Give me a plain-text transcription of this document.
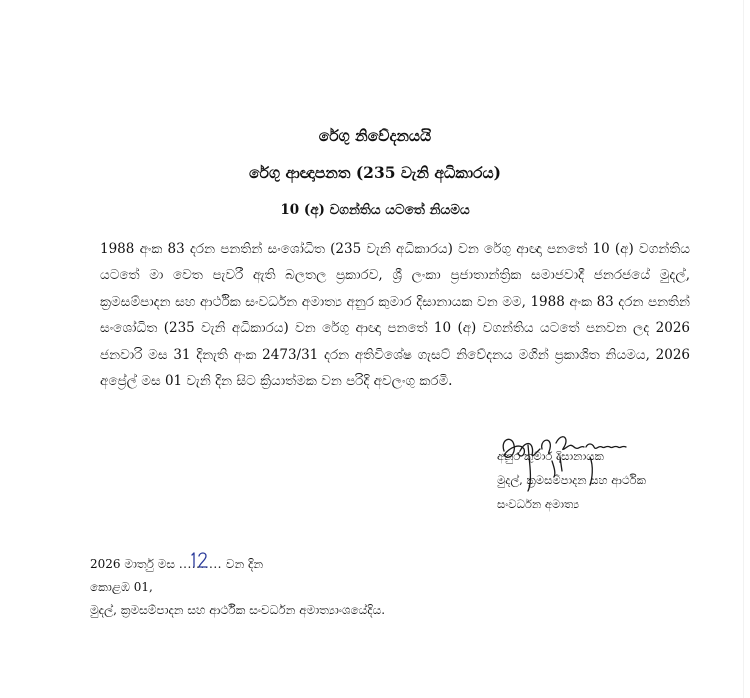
රේගු නිවේදනයයි
රේගු ආඥාපනත (235 වැනි අධිකාරය)
10 (අ) වගන්තිය යටතේ නියමය
1988 අංක 83 දරන පනතින් සංශෝධිත (235 වැනි අධිකාරය) වන රේගු ආඥා පනතේ 10 (අ) වගන්තිය යටතේ මා වෙත පැවරී ඇති බලතල ප්‍රකාරව, ශ්‍රී ලංකා ප්‍රජාතාන්ත්‍රික සමාජවාදී ජනරජයේ මුදල්, ක්‍රමසම්පාදන සහ ආර්ථික සංවර්ධන අමාත්‍ය අනුර කුමාර දිසානායක වන මම, 1988 අංක 83 දරන පනතින් සංශෝධිත (235 වැනි අධිකාරය) වන රේගු ආඥා පනතේ 10 (අ) වගන්තිය යටතේ පනවන ලද 2026 ජනවාරි මස 31 දිනැති අංක 2473/31 දරන අතිවිශේෂ ගැසට් නිවේදනය මගින් ප්‍රකාශිත නියමය, 2026 අප්‍රේල් මස 01 වැනි දින සිට ක්‍රියාත්මක වන පරිදි අවලංගු කරමි.
අනුර කුමාර දිසානායක
මුදල්, ක්‍රමසම්පාදන සහ ආර්ථික
සංවර්ධන අමාත්‍ය
2026 මාර්තු මස .......... වන දින
කොළඹ 01,
මුදල්, ක්‍රමසම්පාදන සහ ආර්ථික සංවර්ධන අමාත්‍යාංශයේදිය.
